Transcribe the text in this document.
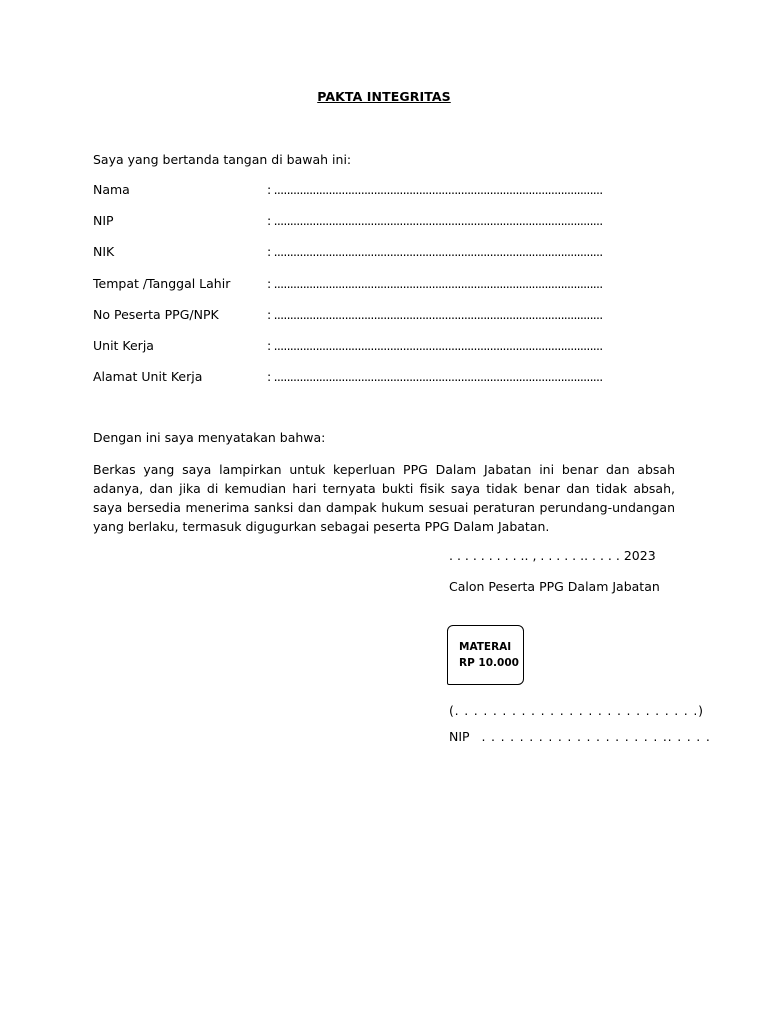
PAKTA INTEGRITAS
Saya yang bertanda tangan di bawah ini:
Nama	: ......................................................................................................
NIP	: ......................................................................................................
NIK	: ......................................................................................................
Tempat /Tanggal Lahir	: ......................................................................................................
No Peserta PPG/NPK	: ......................................................................................................
Unit Kerja	: ......................................................................................................
Alamat Unit Kerja	: ......................................................................................................
Dengan ini saya menyatakan bahwa:
Berkas yang saya lampirkan untuk keperluan PPG Dalam Jabatan ini benar dan absah adanya, dan jika di kemudian hari ternyata bukti fisik saya tidak benar dan tidak absah, saya bersedia menerima sanksi dan dampak hukum sesuai peraturan perundang-undangan yang berlaku, termasuk digugurkan sebagai peserta PPG Dalam Jabatan.
. . . . . . . . . .. , . . . . . .. . . . . 2023
Calon Peserta PPG Dalam Jabatan
MATERAI
RP 10.000
(. . . . . . . . . . . . . . . . . . . . . . . . . .)
NIP . . . . . . . . . . . . . . . . . . . .. . . . .
